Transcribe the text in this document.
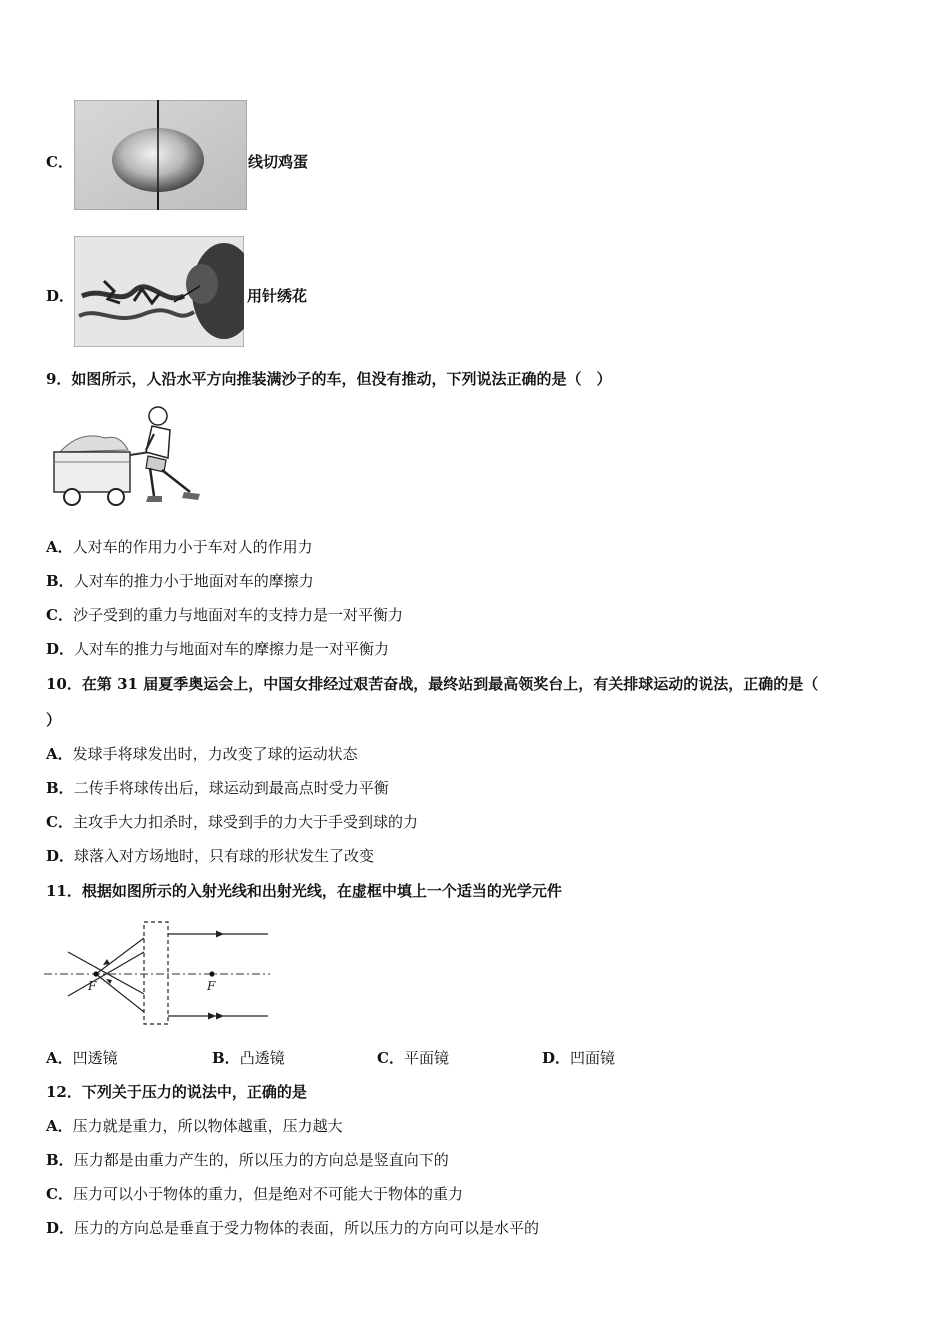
C．	线切鸡蛋
D．	用针绣花
9．如图所示，人沿水平方向推装满沙子的车，但没有推动，下列说法正确的是（　）
A．人对车的作用力小于车对人的作用力
B．人对车的推力小于地面对车的摩擦力
C．沙子受到的重力与地面对车的支持力是一对平衡力
D．人对车的推力与地面对车的摩擦力是一对平衡力
10．在第 31 届夏季奥运会上，中国女排经过艰苦奋战，最终站到最高领奖台上，有关排球运动的说法，正确的是（
）
A．发球手将球发出时，力改变了球的运动状态
B．二传手将球传出后，球运动到最高点时受力平衡
C．主攻手大力扣杀时，球受到手的力大于手受到球的力
D．球落入对方场地时，只有球的形状发生了改变
11．根据如图所示的入射光线和出射光线，在虚框中填上一个适当的光学元件
F	F
A．凹透镜	B．凸透镜	C．平面镜	D．凹面镜
12．下列关于压力的说法中，正确的是
A．压力就是重力，所以物体越重，压力越大
B．压力都是由重力产生的，所以压力的方向总是竖直向下的
C．压力可以小于物体的重力，但是绝对不可能大于物体的重力
D．压力的方向总是垂直于受力物体的表面，所以压力的方向可以是水平的
